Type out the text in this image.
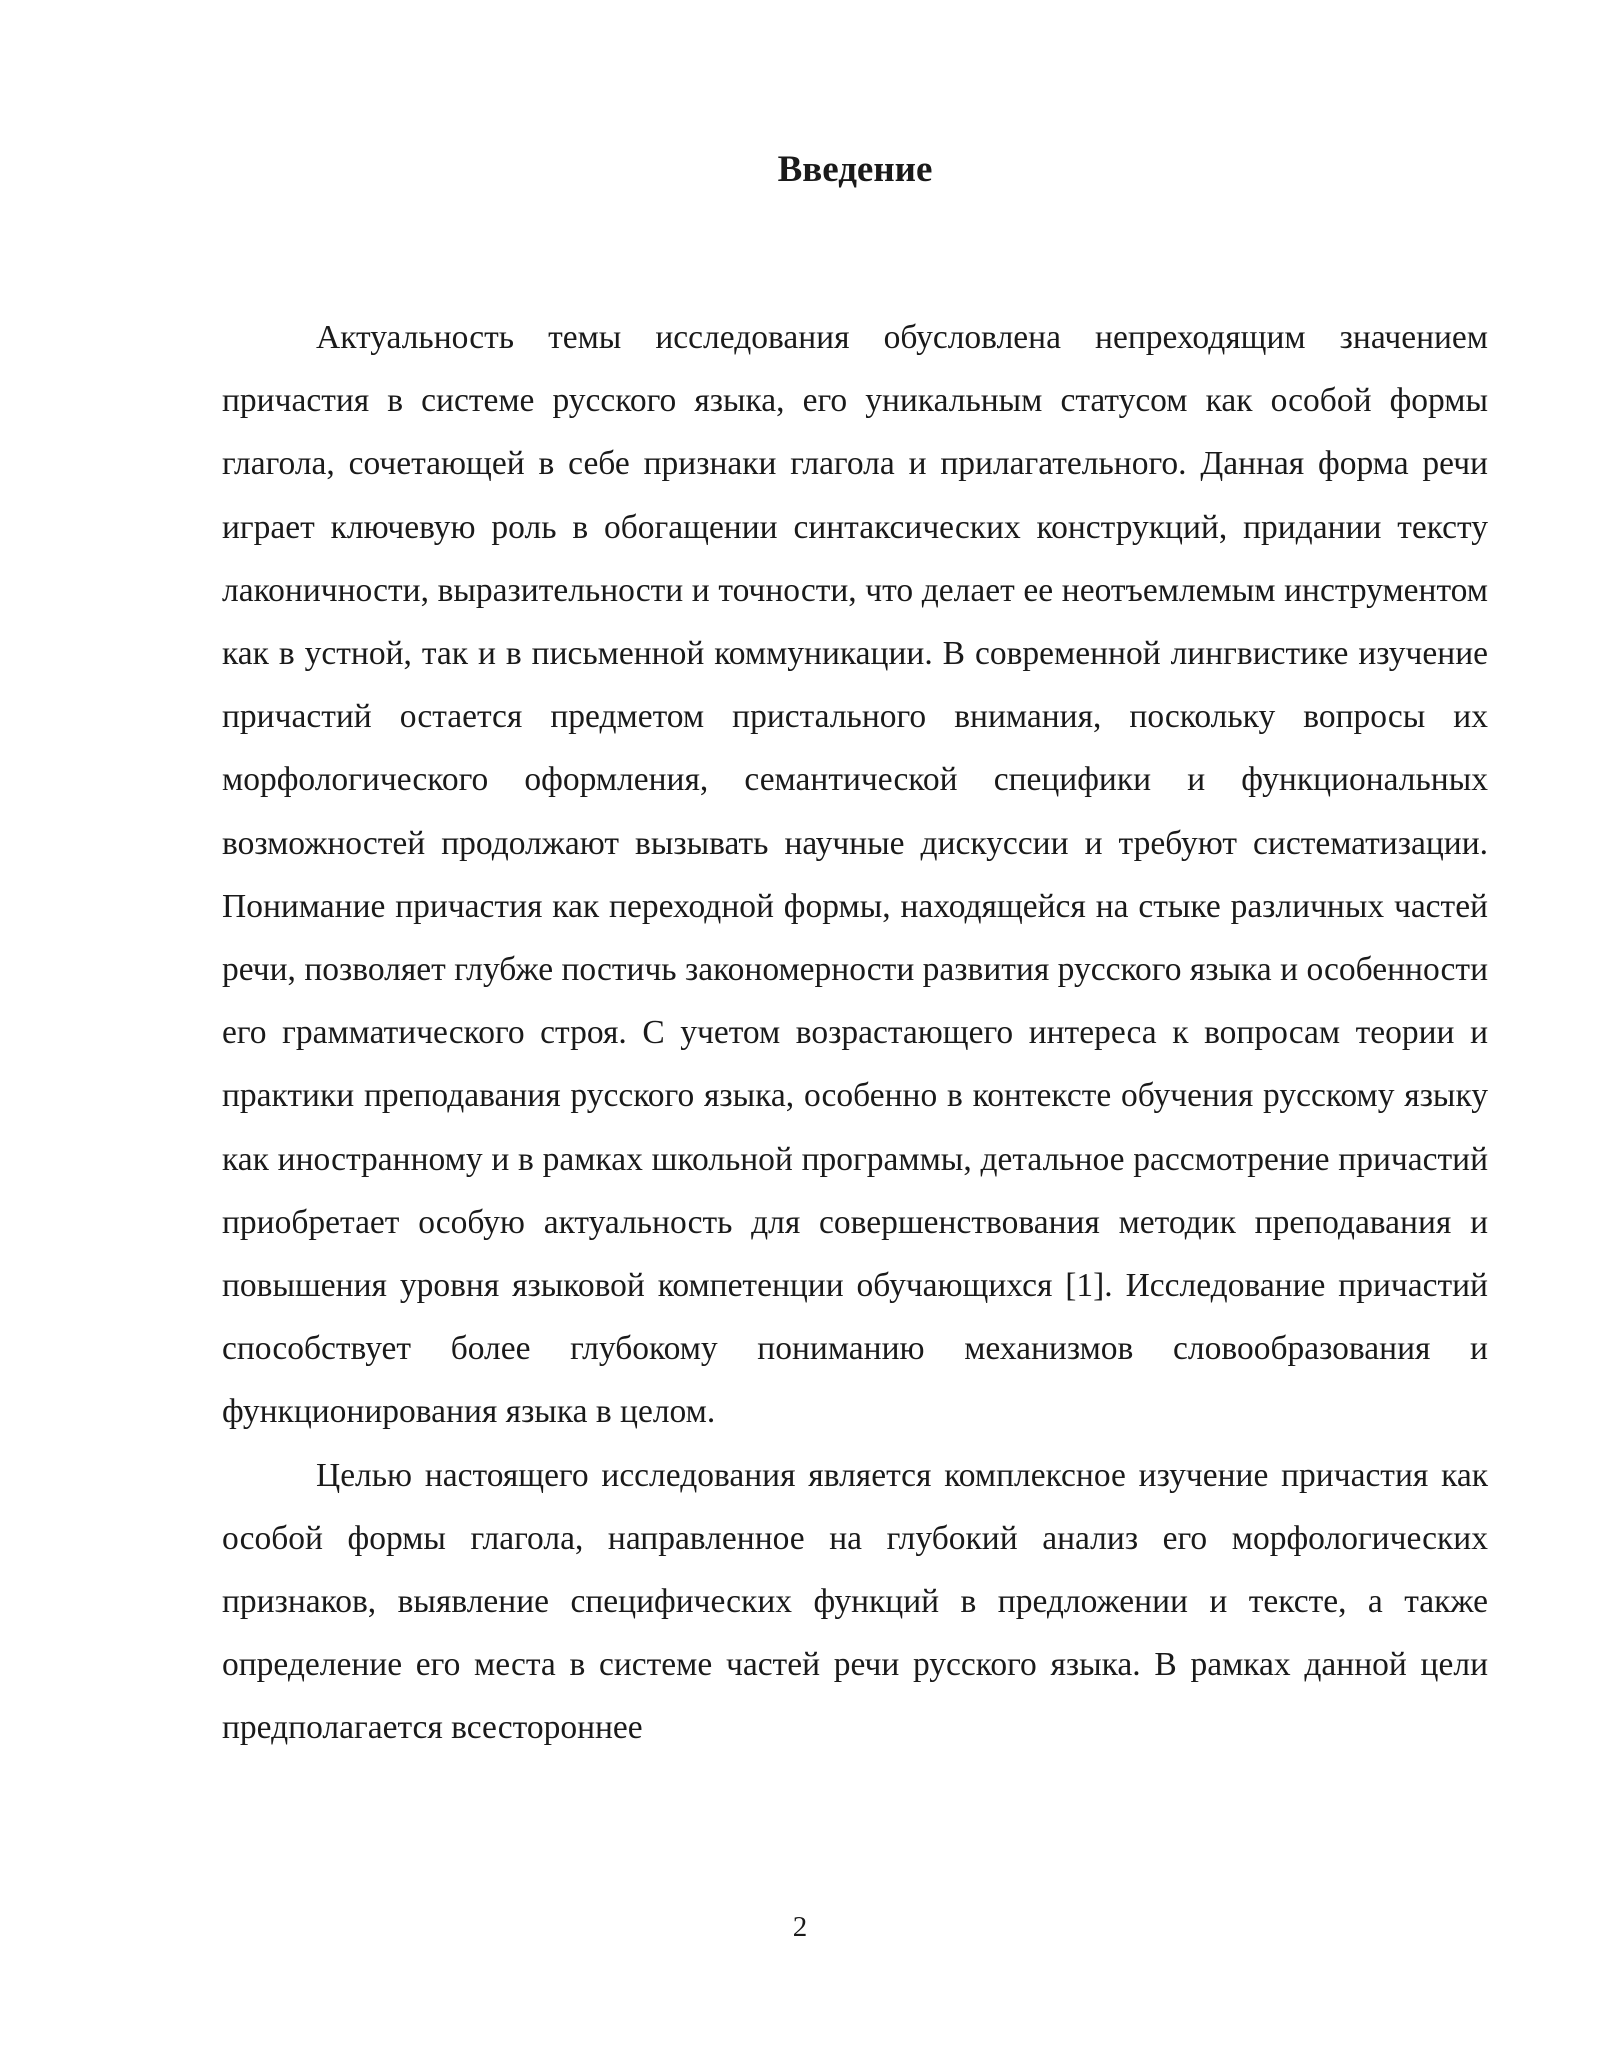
Введение

Актуальность темы исследования обусловлена непреходящим значением причастия в системе русского языка, его уникальным статусом как особой формы глагола, сочетающей в себе признаки глагола и прилагательного. Данная форма речи играет ключевую роль в обогащении синтаксических конструкций, придании тексту лаконичности, выразительности и точности, что делает ее неотъемлемым инструментом как в устной, так и в письменной коммуникации. В современной лингвистике изучение причастий остается предметом пристального внимания, поскольку вопросы их морфологического оформления, семантической специфики и функциональных возможностей продолжают вызывать научные дискуссии и требуют систематизации. Понимание причастия как переходной формы, находящейся на стыке различных частей речи, позволяет глубже постичь закономерности развития русского языка и особенности его грамматического строя. С учетом возрастающего интереса к вопросам теории и практики преподавания русского языка, особенно в контексте обучения русскому языку как иностранному и в рамках школьной программы, детальное рассмотрение причастий приобретает особую актуальность для совершенствования методик преподавания и повышения уровня языковой компетенции обучающихся [1]. Исследование причастий способствует более глубокому пониманию механизмов словообразования и функционирования языка в целом.

Целью настоящего исследования является комплексное изучение причастия как особой формы глагола, направленное на глубокий анализ его морфологических признаков, выявление специфических функций в предложении и тексте, а также определение его места в системе частей речи русского языка. В рамках данной цели предполагается всестороннее

2
